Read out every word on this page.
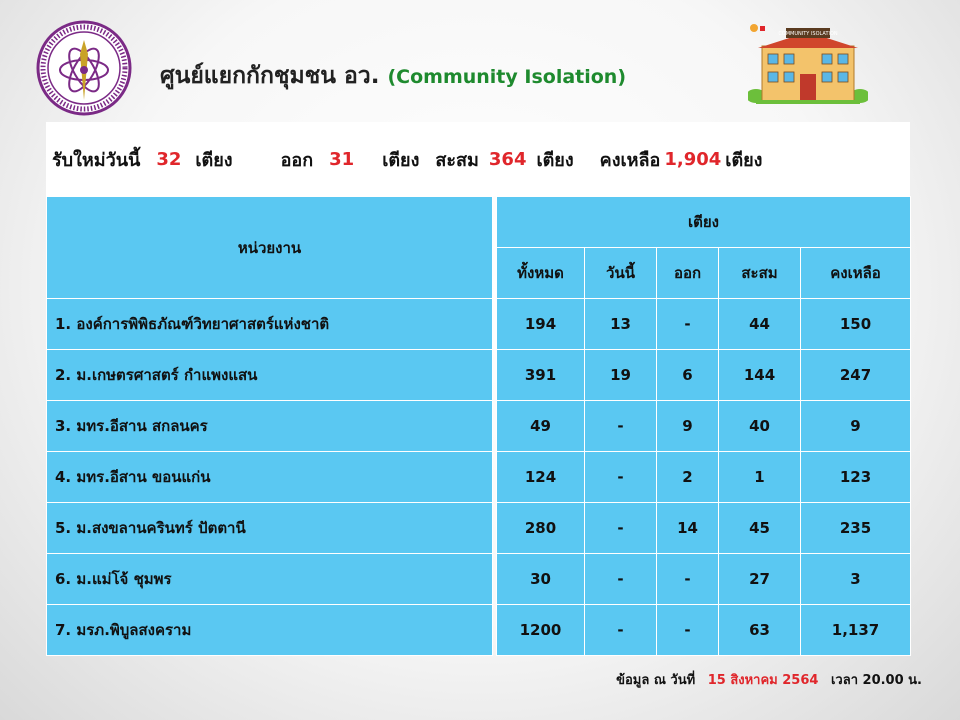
ศูนย์แยกกักชุมชน อว. (Community Isolation)
COMMUNITY ISOLATION
รับใหม่วันนี้ 32 เตียง	ออก 31 เตียง สะสม 364 เตียง คงเหลือ 1,904 เตียง
หน่วยงาน		เตียง				
		ทั้งหมด	วันนี้	ออก	สะสม	คงเหลือ
1. องค์การพิพิธภัณฑ์วิทยาศาสตร์แห่งชาติ		194	13	-	44	150
2. ม.เกษตรศาสตร์ กำแพงแสน		391	19	6	144	247
3. มทร.อีสาน สกลนคร		49	-	9	40	9
4. มทร.อีสาน ขอนแก่น		124	-	2	1	123
5. ม.สงขลานครินทร์ ปัตตานี		280	-	14	45	235
6. ม.แม่โจ้ ชุมพร		30	-	-	27	3
7. มรภ.พิบูลสงคราม		1200	-	-	63	1,137
ข้อมูล ณ วันที่ 15 สิงหาคม 2564 เวลา 20.00 น.
